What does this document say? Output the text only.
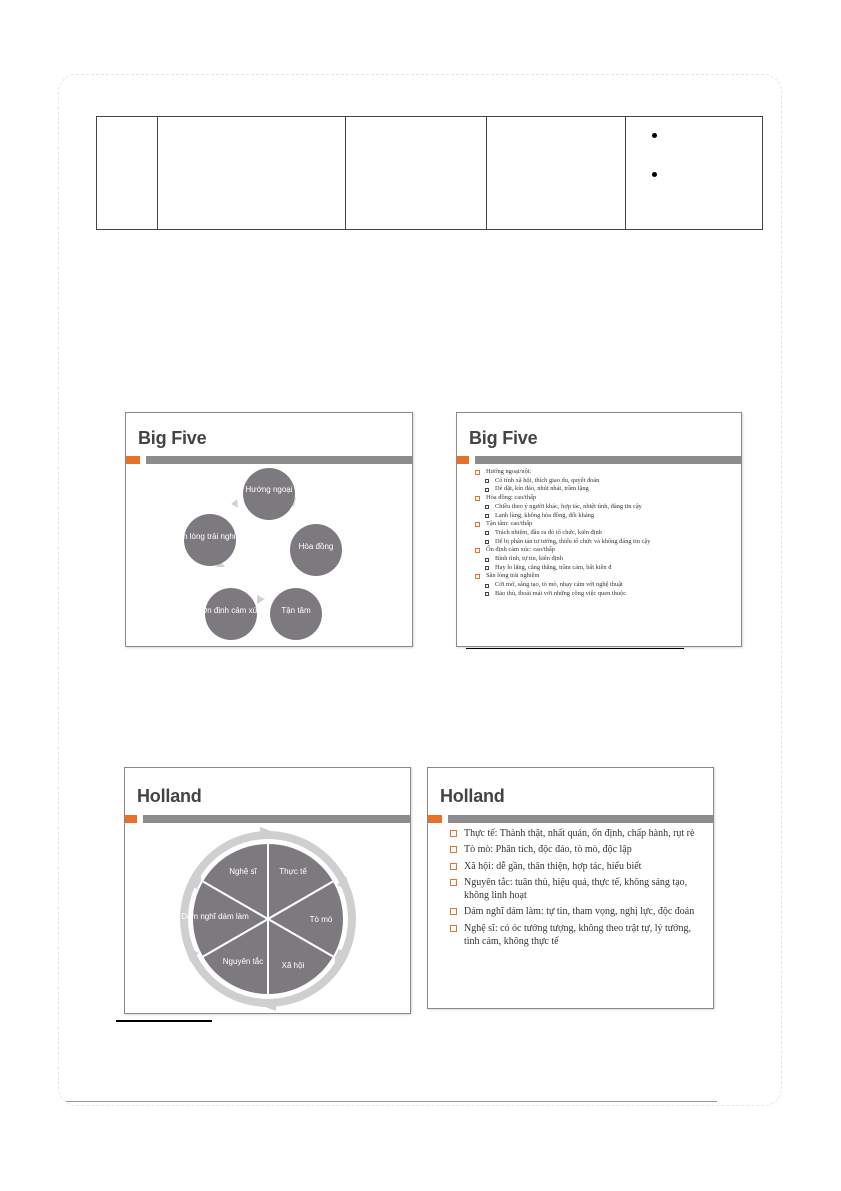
Big Five
Hướng ngoại
Hòa đồng
Tận tâm
Ổn định cảm xúc
Sẵn lòng trải nghiệm
Big Five
Hướng ngoại/nội:
Có tính xã hội, thích giao du, quyết đoán
Dè dặt, kín đáo, nhút nhát, trầm lặng
Hòa đồng: cao/thấp
Chiều theo ý người khác, hợp tác, nhiệt tình, đáng tin cậy
Lạnh lùng, không hòa đồng, đối kháng
Tận tâm: cao/thấp
Trách nhiệm, đâu ra đó tổ chức, kiên định
Dễ bị phân tán tư tưởng, thiếu tổ chức và không đáng tin cậy
Ổn định cảm xúc: cao/thấp
Bình tĩnh, tự tin, kiên định
Hay lo lắng, căng thẳng, trầm cảm, bất kiên đ
Sẵn lòng trải nghiệm
Cởi mở, sáng tạo, tò mò, nhạy cảm với nghệ thuật
Bảo thủ, thoải mái với những công việc quen thuộc
Holland
Thực tế
Tò mò
Xã hội
Nguyên tắc
Dám nghĩ dám làm
Nghệ sĩ
Holland
Thực tế: Thành thật, nhất quán, ổn định, chấp hành, rụt rè
Tò mò: Phân tích, độc đáo, tò mò, độc lập
Xã hội: dễ gần, thân thiện, hợp tác, hiểu biết
Nguyên tắc: tuân thủ, hiệu quả, thực tế, không sáng tạo, không linh hoạt
Dám nghĩ dám làm: tự tin, tham vọng, nghị lực, độc đoán
Nghệ sĩ: có óc tưởng tượng, không theo trật tự, lý tưởng, tình cảm, không thực tế
